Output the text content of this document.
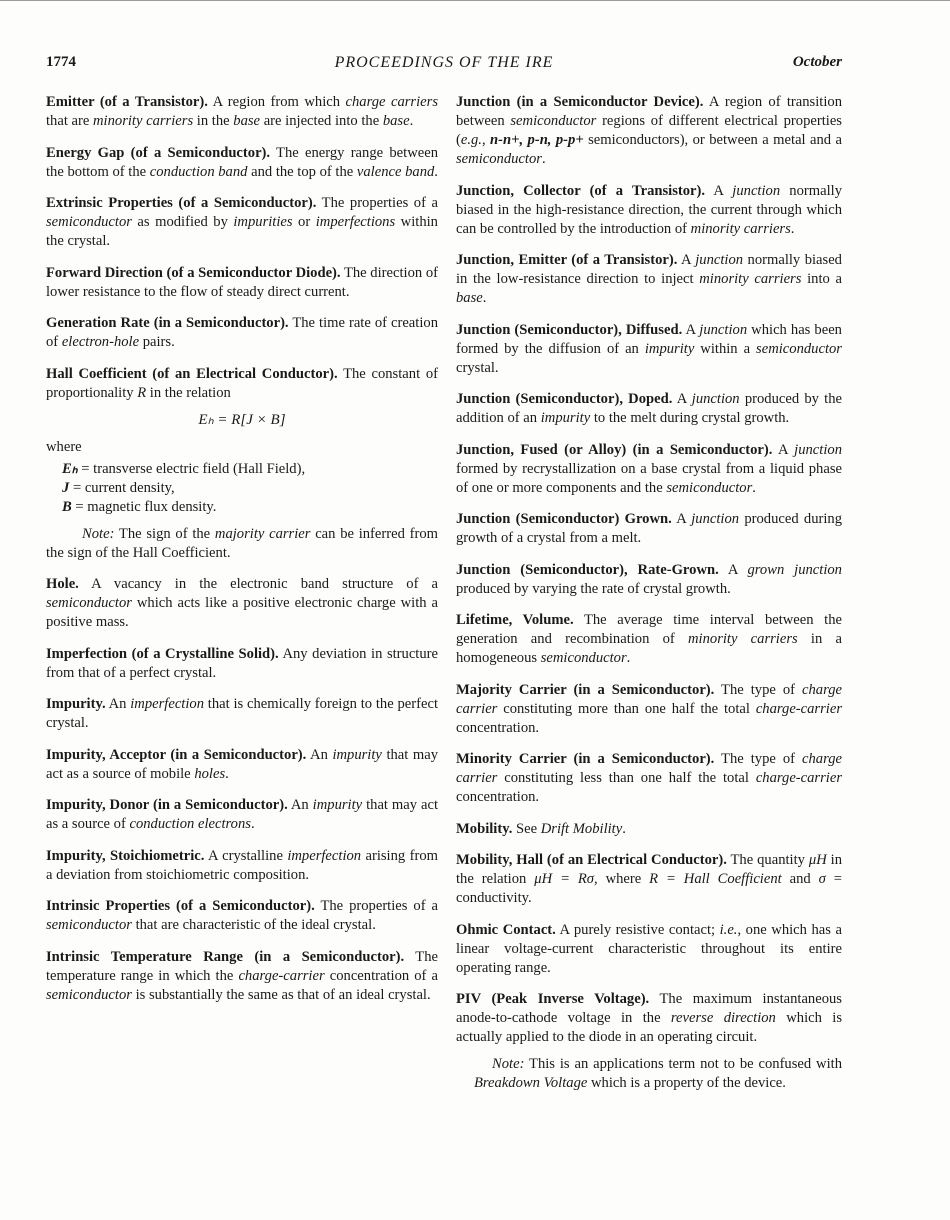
1774	PROCEEDINGS OF THE IRE	October

Emitter (of a Transistor). A region from which charge carriers that are minority carriers in the base are injected into the base.

Energy Gap (of a Semiconductor). The energy range between the bottom of the conduction band and the top of the valence band.

Extrinsic Properties (of a Semiconductor). The properties of a semiconductor as modified by impurities or imperfections within the crystal.

Forward Direction (of a Semiconductor Diode). The direction of lower resistance to the flow of steady direct current.

Generation Rate (in a Semiconductor). The time rate of creation of electron-hole pairs.

Hall Coefficient (of an Electrical Conductor). The constant of proportionality R in the relation

Eₕ = R[J × B]
where
Eₕ = transverse electric field (Hall Field),
J = current density,
B = magnetic flux density.

Note: The sign of the majority carrier can be inferred from the sign of the Hall Coefficient.

Hole. A vacancy in the electronic band structure of a semiconductor which acts like a positive electronic charge with a positive mass.

Imperfection (of a Crystalline Solid). Any deviation in structure from that of a perfect crystal.

Impurity. An imperfection that is chemically foreign to the perfect crystal.

Impurity, Acceptor (in a Semiconductor). An impurity that may act as a source of mobile holes.

Impurity, Donor (in a Semiconductor). An impurity that may act as a source of conduction electrons.

Impurity, Stoichiometric. A crystalline imperfection arising from a deviation from stoichiometric composition.

Intrinsic Properties (of a Semiconductor). The properties of a semiconductor that are characteristic of the ideal crystal.

Intrinsic Temperature Range (in a Semiconductor). The temperature range in which the charge-carrier concentration of a semiconductor is substantially the same as that of an ideal crystal.

Junction (in a Semiconductor Device). A region of transition between semiconductor regions of different electrical properties (e.g., n-n+, p-n, p-p+ semiconductors), or between a metal and a semiconductor.

Junction, Collector (of a Transistor). A junction normally biased in the high-resistance direction, the current through which can be controlled by the introduction of minority carriers.

Junction, Emitter (of a Transistor). A junction normally biased in the low-resistance direction to inject minority carriers into a base.

Junction (Semiconductor), Diffused. A junction which has been formed by the diffusion of an impurity within a semiconductor crystal.

Junction (Semiconductor), Doped. A junction produced by the addition of an impurity to the melt during crystal growth.

Junction, Fused (or Alloy) (in a Semiconductor). A junction formed by recrystallization on a base crystal from a liquid phase of one or more components and the semiconductor.

Junction (Semiconductor) Grown. A junction produced during growth of a crystal from a melt.

Junction (Semiconductor), Rate-Grown. A grown junction produced by varying the rate of crystal growth.

Lifetime, Volume. The average time interval between the generation and recombination of minority carriers in a homogeneous semiconductor.

Majority Carrier (in a Semiconductor). The type of charge carrier constituting more than one half the total charge-carrier concentration.

Minority Carrier (in a Semiconductor). The type of charge carrier constituting less than one half the total charge-carrier concentration.

Mobility. See Drift Mobility.

Mobility, Hall (of an Electrical Conductor). The quantity μH in the relation μH = Rσ, where R = Hall Coefficient and σ = conductivity.

Ohmic Contact. A purely resistive contact; i.e., one which has a linear voltage-current characteristic throughout its entire operating range.

PIV (Peak Inverse Voltage). The maximum instantaneous anode-to-cathode voltage in the reverse direction which is actually applied to the diode in an operating circuit.

Note: This is an applications term not to be confused with Breakdown Voltage which is a property of the device.
